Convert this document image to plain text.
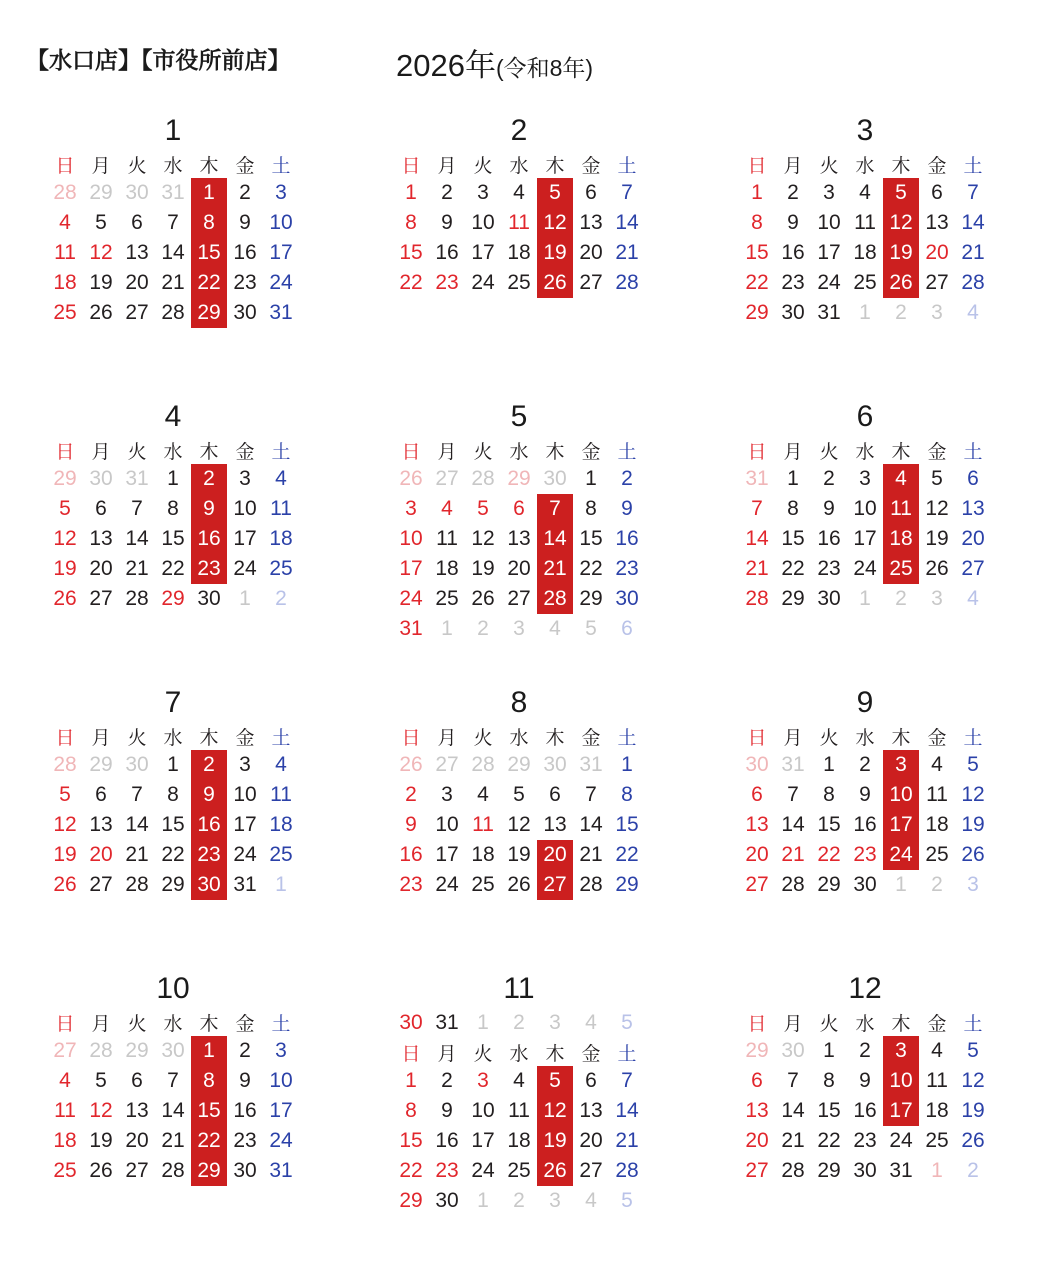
【水口店】【市役所前店】	2026年(令和8年)
1
日	月	火	水	木	金	土
28	29	30	31	1	2	3
4	5	6	7	8	9	10
11	12	13	14	15	16	17
18	19	20	21	22	23	24
25	26	27	28	29	30	31
2
日	月	火	水	木	金	土
1	2	3	4	5	6	7
8	9	10	11	12	13	14
15	16	17	18	19	20	21
22	23	24	25	26	27	28
3
日	月	火	水	木	金	土
1	2	3	4	5	6	7
8	9	10	11	12	13	14
15	16	17	18	19	20	21
22	23	24	25	26	27	28
29	30	31	1	2	3	4
4
日	月	火	水	木	金	土
29	30	31	1	2	3	4
5	6	7	8	9	10	11
12	13	14	15	16	17	18
19	20	21	22	23	24	25
26	27	28	29	30	1	2
5
日	月	火	水	木	金	土
26	27	28	29	30	1	2
3	4	5	6	7	8	9
10	11	12	13	14	15	16
17	18	19	20	21	22	23
24	25	26	27	28	29	30
31	1	2	3	4	5	6
6
日	月	火	水	木	金	土
31	1	2	3	4	5	6
7	8	9	10	11	12	13
14	15	16	17	18	19	20
21	22	23	24	25	26	27
28	29	30	1	2	3	4
7
日	月	火	水	木	金	土
28	29	30	1	2	3	4
5	6	7	8	9	10	11
12	13	14	15	16	17	18
19	20	21	22	23	24	25
26	27	28	29	30	31	1
8
日	月	火	水	木	金	土
26	27	28	29	30	31	1
2	3	4	5	6	7	8
9	10	11	12	13	14	15
16	17	18	19	20	21	22
23	24	25	26	27	28	29
9
日	月	火	水	木	金	土
30	31	1	2	3	4	5
6	7	8	9	10	11	12
13	14	15	16	17	18	19
20	21	22	23	24	25	26
27	28	29	30	1	2	3
10
日	月	火	水	木	金	土
27	28	29	30	1	2	3
4	5	6	7	8	9	10
11	12	13	14	15	16	17
18	19	20	21	22	23	24
25	26	27	28	29	30	31
11
30	31	1	2	3	4	5
日	月	火	水	木	金	土
1	2	3	4	5	6	7
8	9	10	11	12	13	14
15	16	17	18	19	20	21
22	23	24	25	26	27	28
29	30	1	2	3	4	5
12
日	月	火	水	木	金	土
29	30	1	2	3	4	5
6	7	8	9	10	11	12
13	14	15	16	17	18	19
20	21	22	23	24	25	26
27	28	29	30	31	1	2
